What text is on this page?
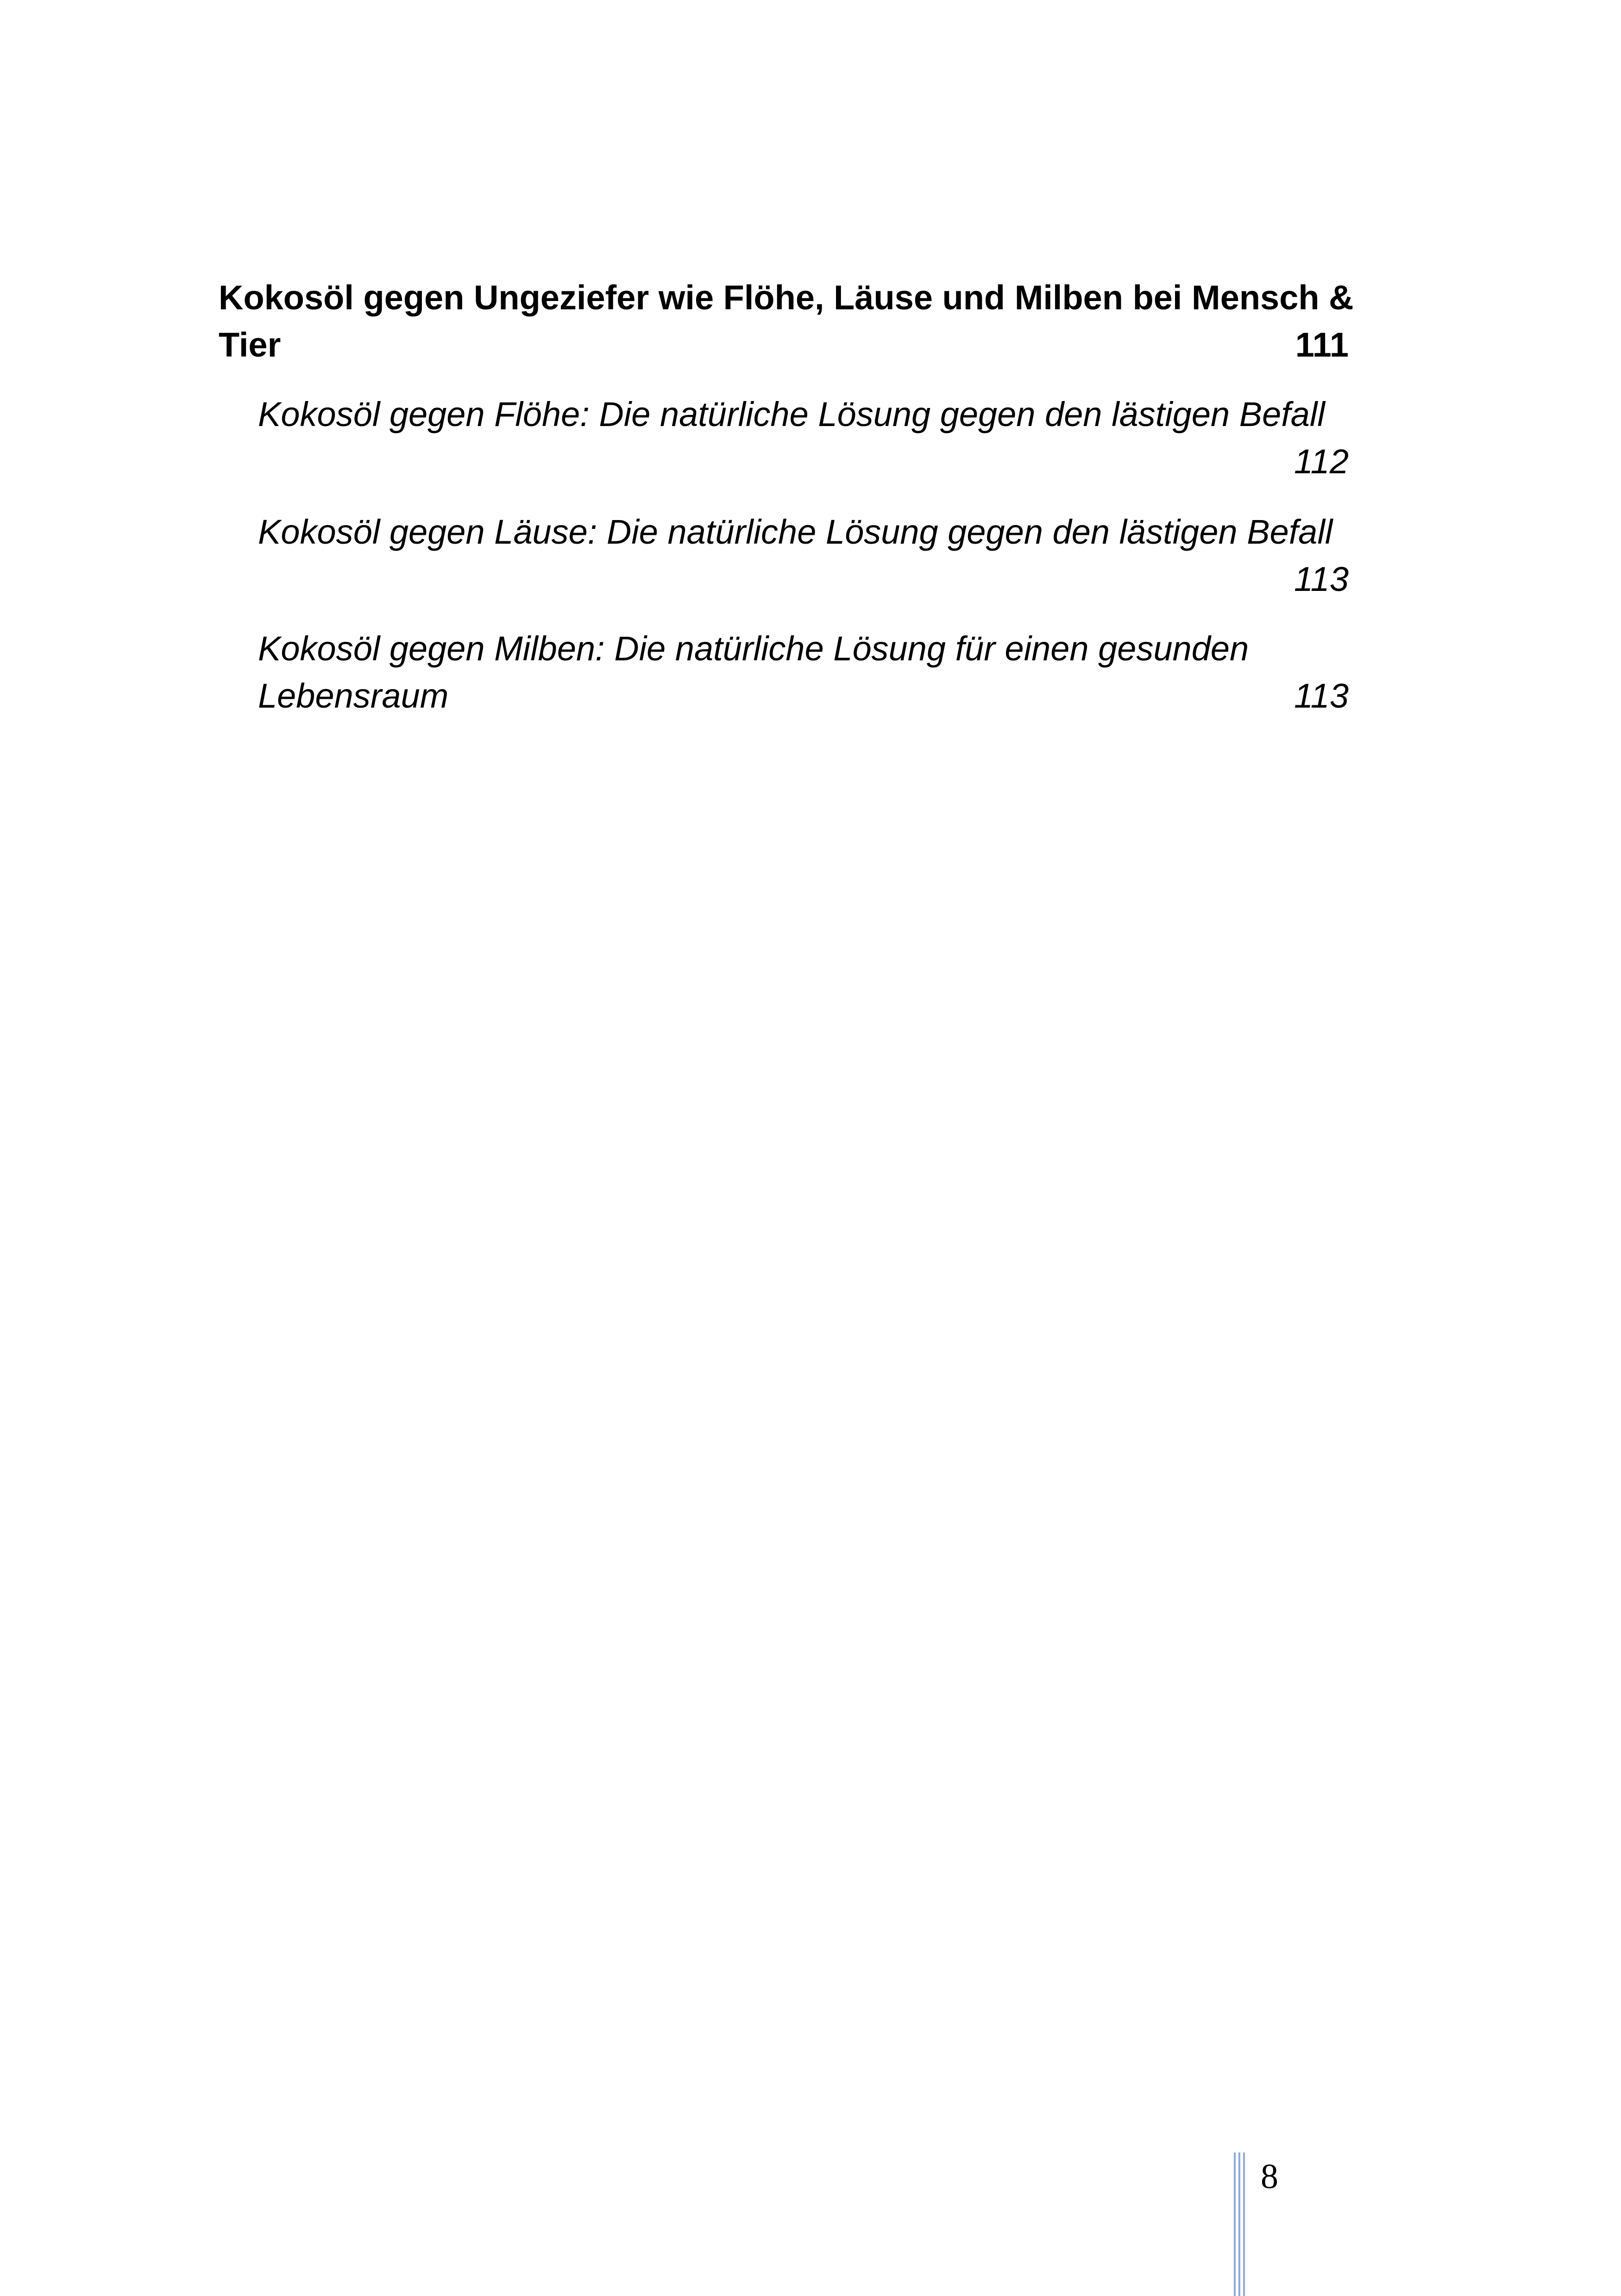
Kokosöl gegen Ungeziefer wie Flöhe, Läuse und Milben bei Mensch &
Tier	111
Kokosöl gegen Flöhe: Die natürliche Lösung gegen den lästigen Befall
112
Kokosöl gegen Läuse: Die natürliche Lösung gegen den lästigen Befall
113
Kokosöl gegen Milben: Die natürliche Lösung für einen gesunden
Lebensraum	113
8
